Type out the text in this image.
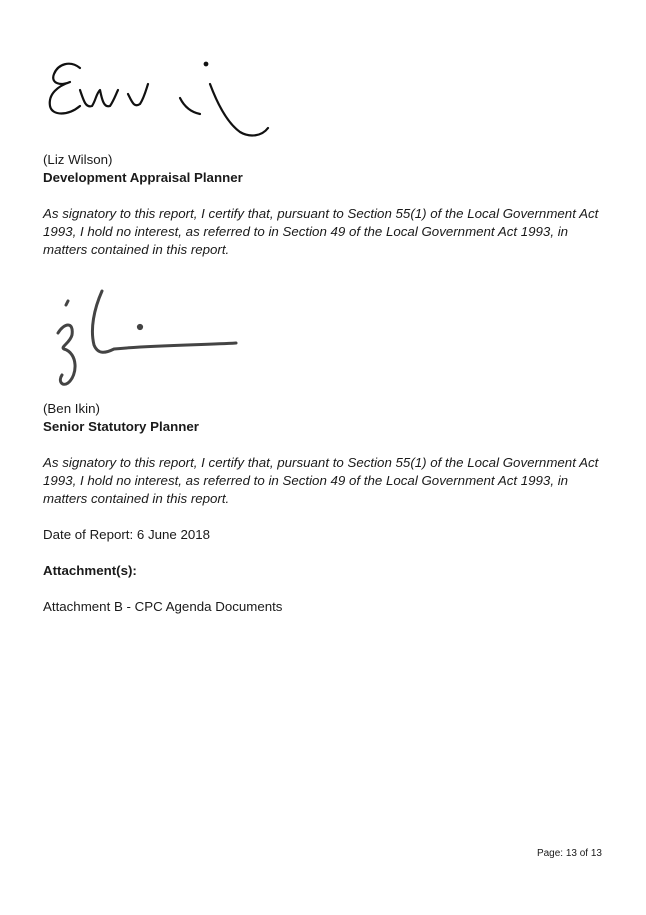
(Liz Wilson)
Development Appraisal Planner
As signatory to this report, I certify that, pursuant to Section 55(1) of the Local Government Act 1993, I hold no interest, as referred to in Section 49 of the Local Government Act 1993, in matters contained in this report.
(Ben Ikin)
Senior Statutory Planner
As signatory to this report, I certify that, pursuant to Section 55(1) of the Local Government Act 1993, I hold no interest, as referred to in Section 49 of the Local Government Act 1993, in matters contained in this report.
Date of Report: 6 June 2018
Attachment(s):
Attachment B - CPC Agenda Documents
Page: 13 of 13
